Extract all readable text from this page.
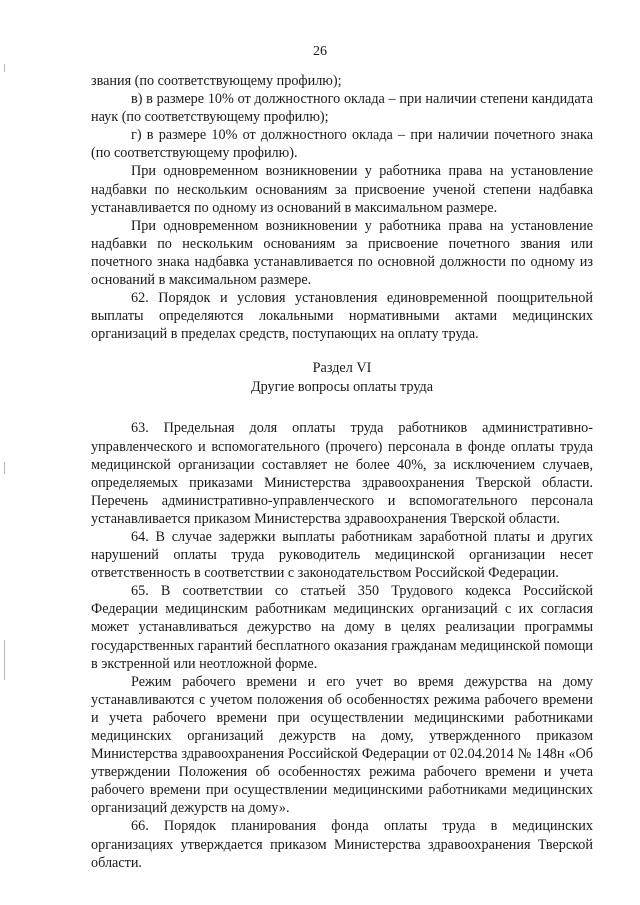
26

звания (по соответствующему профилю);

в) в размере 10% от должностного оклада – при наличии степени кандидата наук (по соответствующему профилю);

г) в размере 10% от должностного оклада – при наличии почетного знака (по соответствующему профилю).

При одновременном возникновении у работника права на установление надбавки по нескольким основаниям за присвоение ученой степени надбавка устанавливается по одному из оснований в максимальном размере.

При одновременном возникновении у работника права на установление надбавки по нескольким основаниям за присвоение почетного звания или почетного знака надбавка устанавливается по основной должности по одному из оснований в максимальном размере.

62. Порядок и условия установления единовременной поощрительной выплаты определяются локальными нормативными актами медицинских организаций в пределах средств, поступающих на оплату труда.

Раздел VI
Другие вопросы оплаты труда

63. Предельная доля оплаты труда работников административно-управленческого и вспомогательного (прочего) персонала в фонде оплаты труда медицинской организации составляет не более 40%, за исключением случаев, определяемых приказами Министерства здравоохранения Тверской области. Перечень административно-управленческого и вспомогательного персонала устанавливается приказом Министерства здравоохранения Тверской области.

64. В случае задержки выплаты работникам заработной платы и других нарушений оплаты труда руководитель медицинской организации несет ответственность в соответствии с законодательством Российской Федерации.

65. В соответствии со статьей 350 Трудового кодекса Российской Федерации медицинским работникам медицинских организаций с их согласия может устанавливаться дежурство на дому в целях реализации программы государственных гарантий бесплатного оказания гражданам медицинской помощи в экстренной или неотложной форме.

Режим рабочего времени и его учет во время дежурства на дому устанавливаются с учетом положения об особенностях режима рабочего времени и учета рабочего времени при осуществлении медицинскими работниками медицинских организаций дежурств на дому, утвержденного приказом Министерства здравоохранения Российской Федерации от 02.04.2014 № 148н «Об утверждении Положения об особенностях режима рабочего времени и учета рабочего времени при осуществлении медицинскими работниками медицинских организаций дежурств на дому».

66. Порядок планирования фонда оплаты труда в медицинских организациях утверждается приказом Министерства здравоохранения Тверской области.
